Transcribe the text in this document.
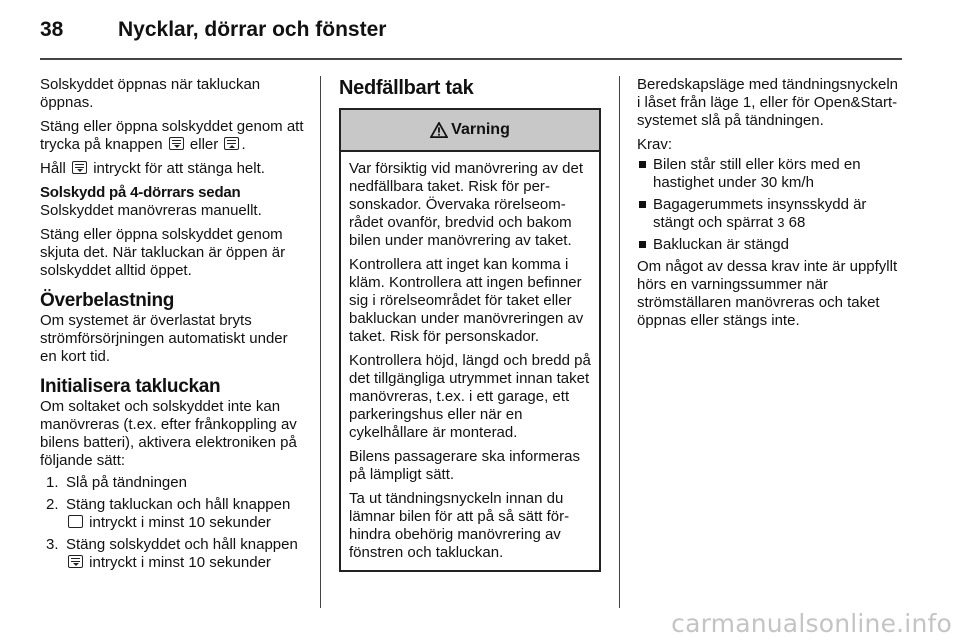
38	Nycklar, dörrar och fönster

Solskyddet öppnas när takluckan öppnas.

Stäng eller öppna solskyddet genom att trycka på knappen eller .

Håll intryckt för att stänga helt.

Solskydd på 4-dörrars sedan

Solskyddet manövreras manuellt.

Stäng eller öppna solskyddet genom skjuta det. När takluckan är öppen är solskyddet alltid öppet.

Överbelastning

Om systemet är överlastat bryts strömförsörjningen automatiskt under en kort tid.

Initialisera takluckan

Om soltaket och solskyddet inte kan manövreras (t.ex. efter frånkoppling av bilens batteri), aktivera elektroniken på följande sätt:

1. Slå på tändningen
2. Stäng takluckan och håll knappen  intryckt i minst 10 sekunder
3. Stäng solskyddet och håll knappen
intryckt i minst 10 sekunder
Nedfällbart tak
Varning

Var försiktig vid manövrering av det nedfällbara taket. Risk för personskador. Övervaka rörelseområdet ovanför, bredvid och bakom bilen under manövrering av taket.

Kontrollera att inget kan komma i kläm. Kontrollera att ingen befinner sig i rörelseområdet för taket eller bakluckan under manövreringen av taket. Risk för personskador.

Kontrollera höjd, längd och bredd på det tillgängliga utrymmet innan taket manövreras, t.ex. i ett garage, ett parkeringshus eller när en cykelhållare är monterad.

Bilens passagerare ska informeras på lämpligt sätt.

Ta ut tändningsnyckeln innan du lämnar bilen för att på så sätt förhindra obehörig manövrering av fönstren och takluckan.

Beredskapsläge med tändningsnyckeln i låset från läge 1, eller för Open&Start-systemet slå på tändningen.

Krav:

Bilen står still eller körs med en hastighet under 30 km/h
Bagagerummets insynsskydd är stängt och spärrat 3 68
Bakluckan är stängd

Om något av dessa krav inte är uppfyllt hörs en varningssummer när strömställaren manövreras och taket öppnas eller stängs inte.

carmanualsonline.info
